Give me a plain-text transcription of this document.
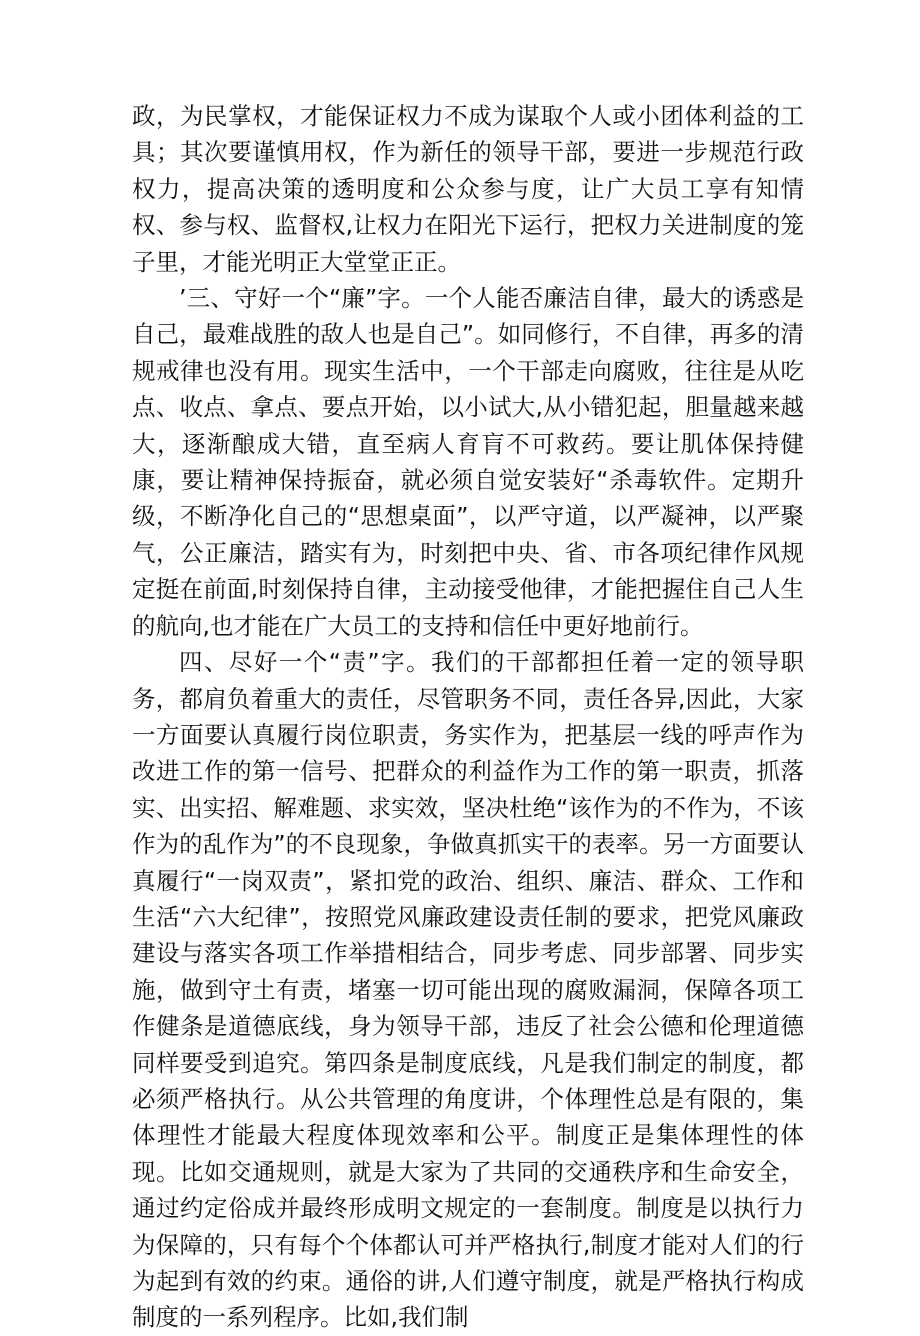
政，为民掌权，才能保证权力不成为谋取个人或小团体利益的工具；其次要谨慎用权，作为新任的领导干部，要进一步规范行政权力，提高决策的透明度和公众参与度，让广大员工享有知情权、参与权、监督权,让权力在阳光下运行，把权力关进制度的笼子里，才能光明正大堂堂正正。

’三、守好一个“廉”字。一个人能否廉洁自律，最大的诱惑是自己，最难战胜的敌人也是自己”。如同修行，不自律，再多的清规戒律也没有用。现实生活中，一个干部走向腐败，往往是从吃点、收点、拿点、要点开始，以小试大,从小错犯起，胆量越来越大，逐渐酿成大错，直至病人育肓不可救药。要让肌体保持健康，要让精神保持振奋，就必须自觉安装好“杀毒软件。定期升级，不断净化自己的“思想桌面”，以严守道，以严凝神，以严聚气，公正廉洁，踏实有为，时刻把中央、省、市各项纪律作风规定挺在前面,时刻保持自律，主动接受他律，才能把握住自己人生的航向,也才能在广大员工的支持和信任中更好地前行。

四、尽好一个“责”字。我们的干部都担任着一定的领导职务，都肩负着重大的责任，尽管职务不同，责任各异,因此，大家一方面要认真履行岗位职责，务实作为，把基层一线的呼声作为改进工作的第一信号、把群众的利益作为工作的第一职责，抓落实、出实招、解难题、求实效，坚决杜绝“该作为的不作为，不该作为的乱作为”的不良现象，争做真抓实干的表率。另一方面要认真履行“一岗双责”，紧扣党的政治、组织、廉洁、群众、工作和生活“六大纪律”，按照党风廉政建设责任制的要求，把党风廉政建设与落实各项工作举措相结合，同步考虑、同步部署、同步实施，做到守土有责，堵塞一切可能出现的腐败漏洞，保障各项工作健条是道德底线，身为领导干部，违反了社会公德和伦理道德同样要受到追究。第四条是制度底线，凡是我们制定的制度，都必须严格执行。从公共管理的角度讲，个体理性总是有限的，集体理性才能最大程度体现效率和公平。制度正是集体理性的体现。比如交通规则，就是大家为了共同的交通秩序和生命安全，通过约定俗成并最终形成明文规定的一套制度。制度是以执行力为保障的，只有每个个体都认可并严格执行,制度才能对人们的行为起到有效的约束。通俗的讲,人们遵守制度，就是严格执行构成制度的一系列程序。比如,我们制
